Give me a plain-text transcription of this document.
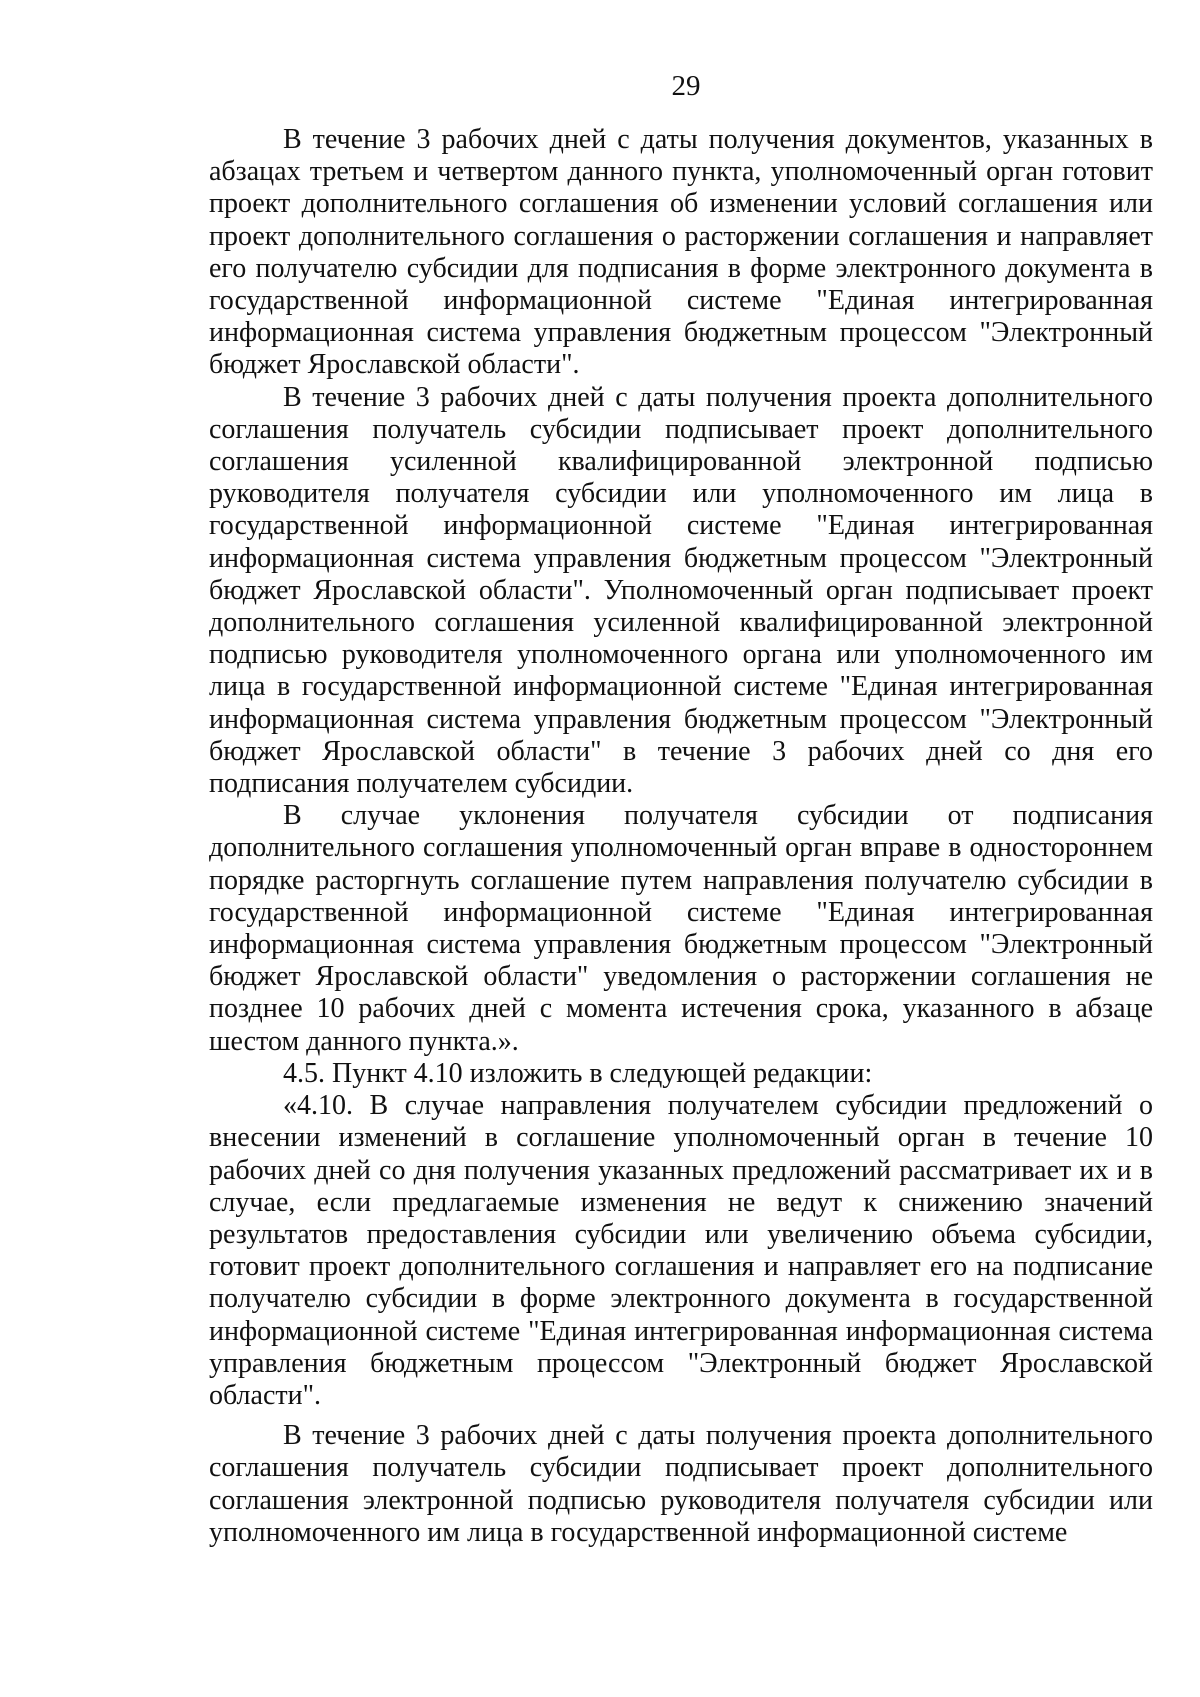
29

В течение 3 рабочих дней с даты получения документов, указанных в абзацах третьем и четвертом данного пункта, уполномоченный орган готовит проект дополнительного соглашения об изменении условий соглашения или проект дополнительного соглашения о расторжении соглашения и направляет его получателю субсидии для подписания в форме электронного документа в государственной информационной системе "Единая интегрированная информационная система управления бюджетным процессом "Электронный бюджет Ярославской области".

В течение 3 рабочих дней с даты получения проекта дополнительного соглашения получатель субсидии подписывает проект дополнительного соглашения усиленной квалифицированной электронной подписью руководителя получателя субсидии или уполномоченного им лица в государственной информационной системе "Единая интегрированная информационная система управления бюджетным процессом "Электронный бюджет Ярославской области". Уполномоченный орган подписывает проект дополнительного соглашения усиленной квалифицированной электронной подписью руководителя уполномоченного органа или уполномоченного им лица в государственной информационной системе "Единая интегрированная информационная система управления бюджетным процессом "Электронный бюджет Ярославской области" в течение 3 рабочих дней со дня его подписания получателем субсидии.

В случае уклонения получателя субсидии от подписания дополнительного соглашения уполномоченный орган вправе в одностороннем порядке расторгнуть соглашение путем направления получателю субсидии в государственной информационной системе "Единая интегрированная информационная система управления бюджетным процессом "Электронный бюджет Ярославской области" уведомления о расторжении соглашения не позднее 10 рабочих дней с момента истечения срока, указанного в абзаце шестом данного пункта.».

4.5. Пункт 4.10 изложить в следующей редакции:

«4.10. В случае направления получателем субсидии предложений о внесении изменений в соглашение уполномоченный орган в течение 10 рабочих дней со дня получения указанных предложений рассматривает их и в случае, если предлагаемые изменения не ведут к снижению значений результатов предоставления субсидии или увеличению объема субсидии, готовит проект дополнительного соглашения и направляет его на подписание получателю субсидии в форме электронного документа в государственной информационной системе "Единая интегрированная информационная система управления бюджетным процессом "Электронный бюджет Ярославской области".

В течение 3 рабочих дней с даты получения проекта дополнительного соглашения получатель субсидии подписывает проект дополнительного соглашения электронной подписью руководителя получателя субсидии или уполномоченного им лица в государственной информационной системе
